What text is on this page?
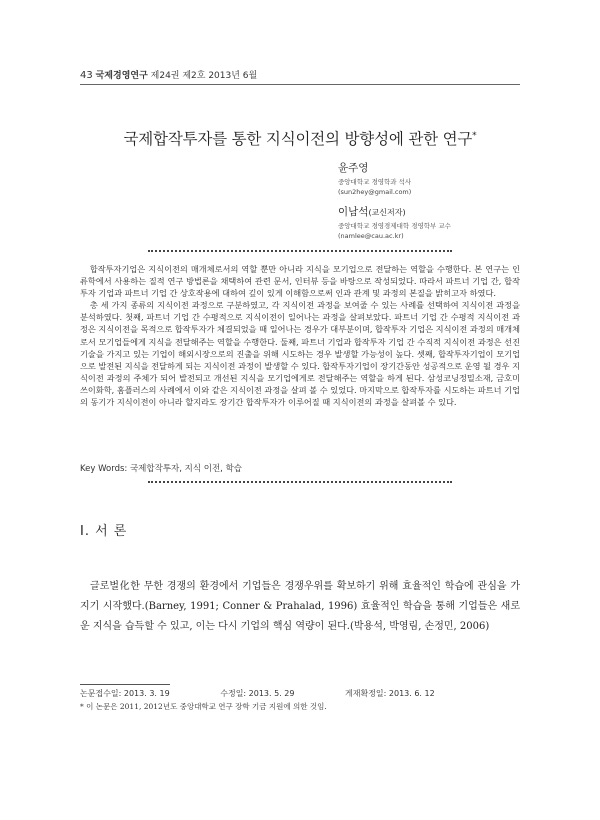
43 국제경영연구 제24권 제2호 2013년 6월
국제합작투자를 통한 지식이전의 방향성에 관한 연구*
윤주영
중앙대학교 경영학과 석사
(sun2hey@gmail.com)
이남석(교신저자)
중앙대학교 경영경제대학 경영학부 교수
(namlee@cau.ac.kr)

합작투자기업은 지식이전의 매개체로서의 역할 뿐만 아니라 지식을 모기업으로 전달하는 역할을 수행한다. 본 연구는 인류학에서 사용하는 질적 연구 방법론을 채택하여 관련 문서, 인터뷰 등을 바탕으로 작성되었다. 따라서 파트너 기업 간, 합작투자 기업과 파트너 기업 간 상호작용에 대하여 깊이 있게 이해함으로써 인과 관계 및 과정의 본질을 밝히고자 하였다.

총 세 가지 종류의 지식이전 과정으로 구분하였고, 각 지식이전 과정을 보여줄 수 있는 사례를 선택하여 지식이전 과정을 분석하였다. 첫째, 파트너 기업 간 수평적으로 지식이전이 일어나는 과정을 살펴보았다. 파트너 기업 간 수평적 지식이전 과정은 지식이전을 목적으로 합작투자가 체결되었을 때 일어나는 경우가 대부분이며, 합작투자 기업은 지식이전 과정의 매개체로서 모기업들에게 지식을 전달해주는 역할을 수행한다. 둘째, 파트너 기업과 합작투자 기업 간 수직적 지식이전 과정은 선진 기술을 가지고 있는 기업이 해외시장으로의 진출을 위해 시도하는 경우 발생할 가능성이 높다. 셋째, 합작투자기업이 모기업으로 발전된 지식을 전달하게 되는 지식이전 과정이 발생할 수 있다. 합작투자기업이 장기간동안 성공적으로 운영 될 경우 지식이전 과정의 주체가 되어 발전되고 개선된 지식을 모기업에게로 전달해주는 역할을 하게 된다. 삼성코닝정밀소재, 금호미쓰이화학, 홈플러스의 사례에서 이와 같은 지식이전 과정을 살펴 볼 수 있었다. 마지막으로 합작투자를 시도하는 파트너 기업의 동기가 지식이전이 아니라 할지라도 장기간 합작투자가 이루어질 때 지식이전의 과정을 살펴볼 수 있다.

Key Words: 국제합작투자, 지식 이전, 학습
Ⅰ. 서 론

글로벌化한 무한 경쟁의 환경에서 기업들은 경쟁우위를 확보하기 위해 효율적인 학습에 관심을 가지기 시작했다.(Barney, 1991; Conner & Prahalad, 1996) 효율적인 학습을 통해 기업들은 새로운 지식을 습득할 수 있고, 이는 다시 기업의 핵심 역량이 된다.(박용석, 박영림, 손정민, 2006)

논문접수일: 2013. 3. 19	수정일: 2013. 5. 29	게재확정일: 2013. 6. 12
* 이 논문은 2011, 2012년도 중앙대학교 연구 장학 기금 지원에 의한 것임.
